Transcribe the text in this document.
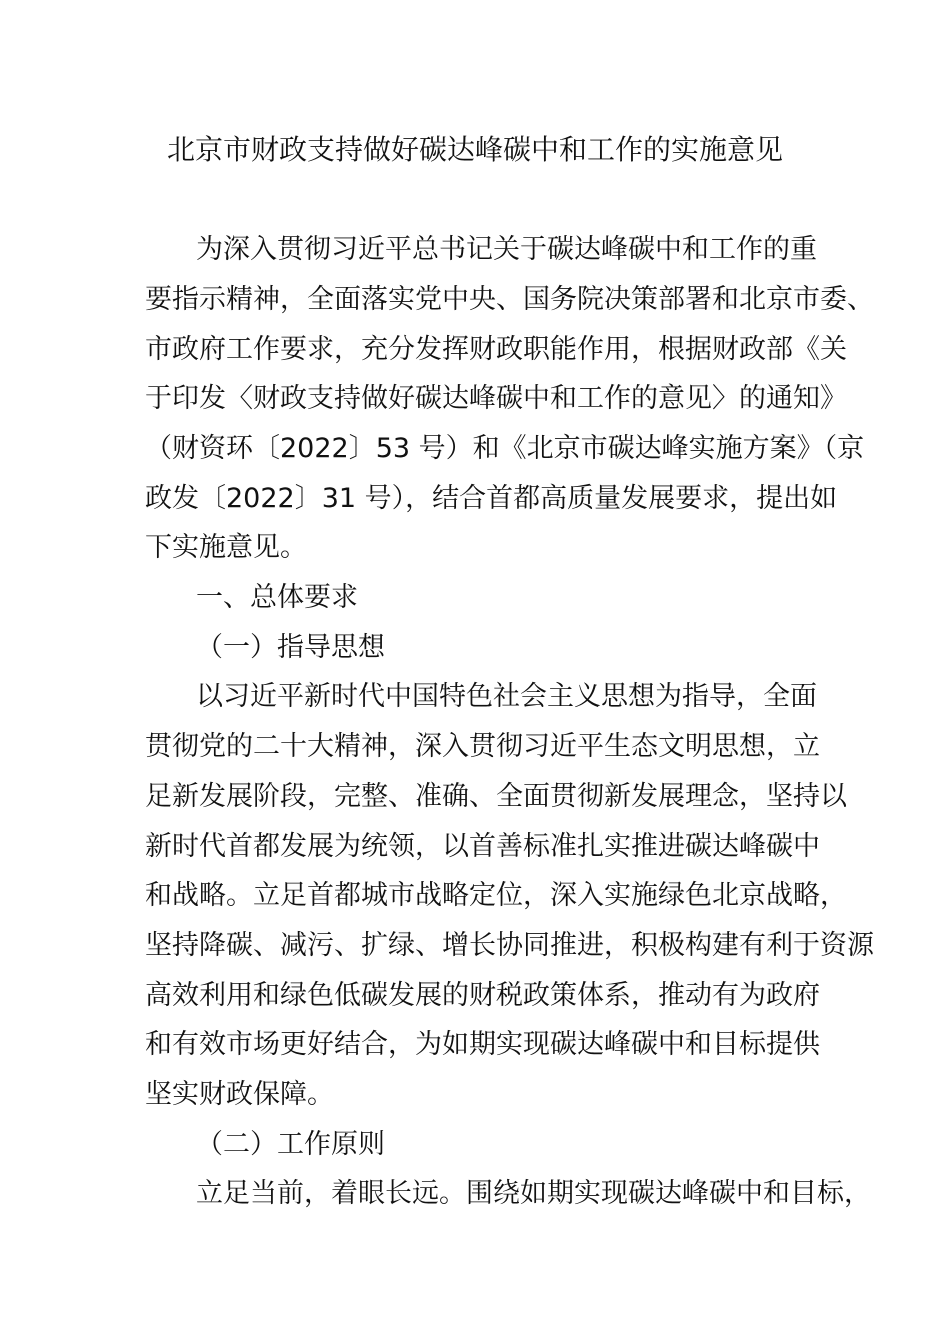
北京市财政支持做好碳达峰碳中和工作的实施意见
为深入贯彻习近平总书记关于碳达峰碳中和工作的重
要指示精神，全面落实党中央、国务院决策部署和北京市委、
市政府工作要求，充分发挥财政职能作用，根据财政部《关
于印发〈财政支持做好碳达峰碳中和工作的意见〉的通知》
（财资环〔2022〕53 号）和《北京市碳达峰实施方案》（京
政发〔2022〕31 号），结合首都高质量发展要求，提出如
下实施意见。
一、总体要求
（一）指导思想
以习近平新时代中国特色社会主义思想为指导，全面
贯彻党的二十大精神，深入贯彻习近平生态文明思想，立
足新发展阶段，完整、准确、全面贯彻新发展理念，坚持以
新时代首都发展为统领，以首善标准扎实推进碳达峰碳中
和战略。立足首都城市战略定位，深入实施绿色北京战略，
坚持降碳、减污、扩绿、增长协同推进，积极构建有利于资源
高效利用和绿色低碳发展的财税政策体系，推动有为政府
和有效市场更好结合，为如期实现碳达峰碳中和目标提供
坚实财政保障。
（二）工作原则
立足当前，着眼长远。围绕如期实现碳达峰碳中和目标，
